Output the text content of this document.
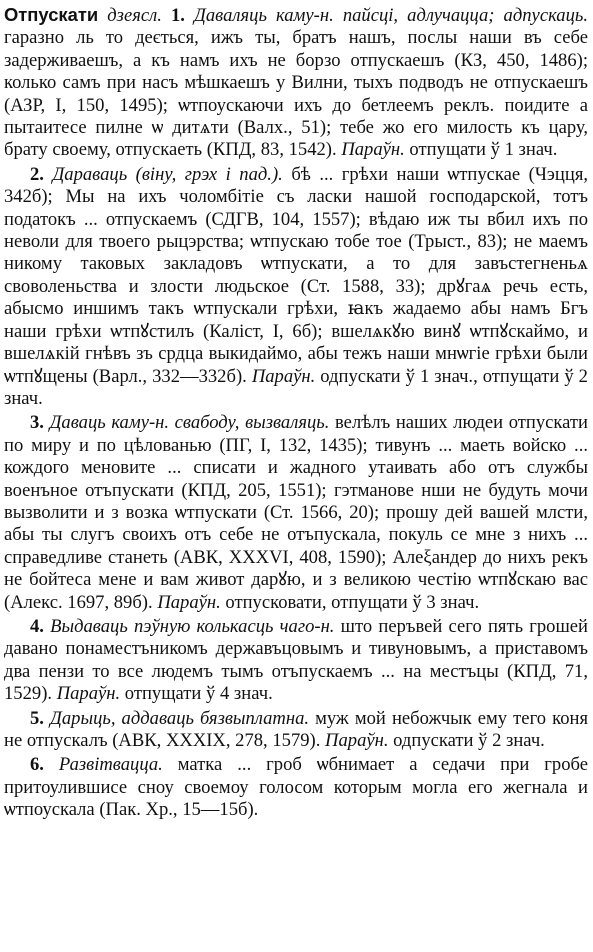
Отпускати дзеясл. 1. Даваляць каму-н. пайсці, адлучацца; адпускаць. гаразно ль то деється, ижъ ты, братъ нашъ, послы наши въ себе задерживаешъ, а къ намъ ихъ не борзо отпускаешъ (КЗ, 450, 1486); колько самъ при насъ мѣшкаешъ у Вилни, тыхъ подводъ не отпускаешъ (АЗР, I, 150, 1495); ѡтпоускаючи ихъ до бетлеемъ реклъ. поидите а пытаитесе пилне ѡ дитѧти (Валх., 51); тебе жо его милость къ цару, брату своему, отпускаеть (КПД, 83, 1542). Параўн. отпущати ў 1 знач.

2. Дараваць (віну, грэх і пад.). бѣ ... грѣхи наши ѡтпускае (Чэцця, 342б); Мы на ихъ чоломбітіе съ ласки нашой господарской, тотъ податокъ ... отпускаемъ (СДГВ, 104, 1557); вѣдаю иж ты вбил ихъ по неволи для твоего рыцэрства; ѡтпускаю тобе тое (Трыст., 83); не маемъ никому таковых закладовъ ѡтпускати, а то для завъстегненьѧ своволеньства и злости людьское (Ст. 1588, 33); дрꙋгаѧ речь есть, абысмо иншимъ такъ ѡтпускали грѣхи, ꙗкъ жадаемо абы намъ Бгъ наши грѣхи ѡтпꙋстилъ (Каліст, I, 6б); вшелѧкꙋю винꙋ ѡтпꙋскаймо, и вшелѧкій гнѣвъ зъ срдца выкидаймо, абы тежъ наши мнѡгіе грѣхи были ѡтпꙋщены (Варл., 332—332б). Параўн. одпускати ў 1 знач., отпущати ў 2 знач.

3. Даваць каму-н. свабоду, вызваляць. велѣлъ наших людеи отпускати по миру и по цѣлованью (ПГ, I, 132, 1435); тивунъ ... маеть войско ... кождого меновите ... списати и жадного утаивать або отъ службы военъное отъпускати (КПД, 205, 1551); гэтмановe нши не будуть мочи вызволити и з возка ѡтпускати (Ст. 1566, 20); прошу дей вашей млсти, абы ты слугъ своихъ отъ себе не отъпускала, покуль се мне з нихъ ... справедливе станеть (АВК, XXXVI, 408, 1590); Алеξандер до нихъ рекъ не бойтеса мене и вам живот дарꙋю, и з великою честію ѡтпꙋскаю вас (Алекс. 1697, 89б). Параўн. отпусковати, отпущати ў 3 знач.

4. Выдаваць пэўную колькасць чаго-н. што перъвей сего пять грошей давано понаместъникомъ державъцовымъ и тивуновымъ, а приставомъ два пензи то все людемъ тымъ отъпускаемъ ... на местъцы (КПД, 71, 1529). Параўн. отпущати ў 4 знач.

5. Дарыць, аддаваць бязвыплатна. муж мой небожчык ему тего коня не отпускалъ (АВК, XXXIX, 278, 1579). Параўн. одпускати ў 2 знач.

6. Развітвацца. матка ... гроб ѡбнимает а седачи при гробе притоулившисе сноу своемоу голосом которым могла его жегнала и ѡтпоускала (Пак. Хр., 15—15б).
